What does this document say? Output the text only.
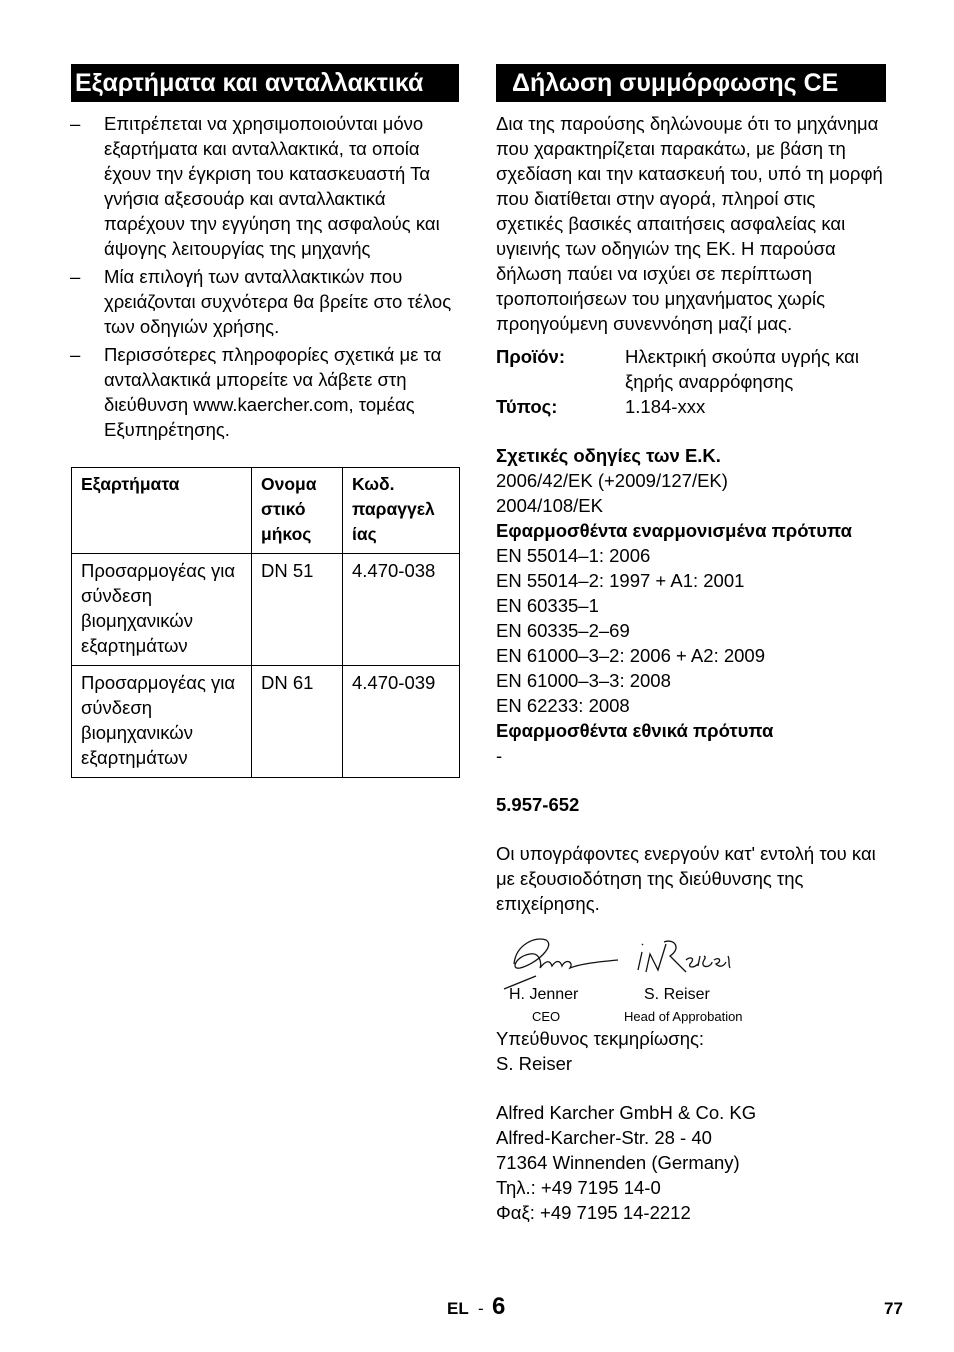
Εξαρτήματα και ανταλλακτικά
– Επιτρέπεται να χρησιμοποιούνται μόνο εξαρτήματα και ανταλλακτικά, τα οποία έχουν την έγκριση του κατασκευαστή Τα γνήσια αξεσουάρ και ανταλλακτικά παρέχουν την εγγύηση της ασφαλούς και άψογης λειτουργίας της μηχανής
– Μία επιλογή των ανταλλακτικών που χρειάζονται συχνότερα θα βρείτε στο τέλος των οδηγιών χρήσης.
– Περισσότερες πληροφορίες σχετικά με τα ανταλλακτικά μπορείτε να λάβετε στη διεύθυνση www.kaercher.com, τομέας Εξυπηρέτησης.
Εξαρτήματα	Ονομα στικό μήκος	Κωδ. παραγγελ ίας
Προσαρμογέας για σύνδεση βιομηχανικών εξαρτημάτων	DN 51	4.470-038
Προσαρμογέας για σύνδεση βιομηχανικών εξαρτημάτων	DN 61	4.470-039
Δήλωση συμμόρφωσης CE

Δια της παρούσης δηλώνουμε ότι το μηχάνημα που χαρακτηρίζεται παρακάτω, με βάση τη σχεδίαση και την κατασκευή του, υπό τη μορφή που διατίθεται στην αγορά, πληροί στις σχετικές βασικές απαιτήσεις ασφαλείας και υγιεινής των οδηγιών της ΕΚ. Η παρούσα δήλωση παύει να ισχύει σε περίπτωση τροποποιήσεων του μηχανήματος χωρίς προηγούμενη συνεννόηση μαζί μας.

Προϊόν:	Ηλεκτρική σκούπα υγρής και ξηρής αναρρόφησης
Τύπος:	1.184-xxx
Σχετικές οδηγίες των Ε.Κ.
2006/42/EK (+2009/127/EK)
2004/108/EK
Εφαρμοσθέντα εναρμονισμένα πρότυπα
EN 55014–1: 2006
EN 55014–2: 1997 + A1: 2001
EN 60335–1
EN 60335–2–69
EN 61000–3–2: 2006 + A2: 2009
EN 61000–3–3: 2008
EN 62233: 2008
Εφαρμοσθέντα εθνικά πρότυπα
-
5.957-652

Οι υπογράφοντες ενεργούν κατ' εντολή του και με εξουσιοδότηση της διεύθυνσης της επιχείρησης.

Jenner	i.V. Reiser
H. Jenner
CEO
S. Reiser
Head of Approbation
Υπεύθυνος τεκμηρίωσης:
S. Reiser
Alfred Karcher GmbH & Co. KG
Alfred-Karcher-Str. 28 - 40
71364 Winnenden (Germany)
Τηλ.: +49 7195 14-0
Φαξ: +49 7195 14-2212
EL - 6	77
